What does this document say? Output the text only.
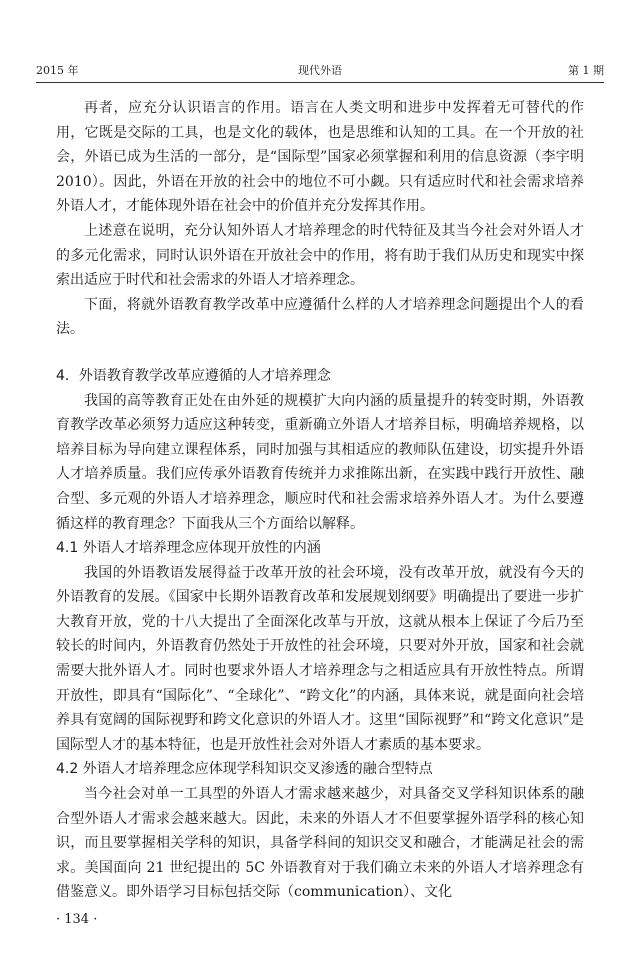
2015 年	现代外语	第 1 期

再者，应充分认识语言的作用。语言在人类文明和进步中发挥着无可替代的作用，它既是交际的工具，也是文化的载体，也是思维和认知的工具。在一个开放的社会，外语已成为生活的一部分，是“国际型”国家必须掌握和利用的信息资源（李宇明 2010）。因此，外语在开放的社会中的地位不可小觑。只有适应时代和社会需求培养外语人才，才能体现外语在社会中的价值并充分发挥其作用。

上述意在说明，充分认知外语人才培养理念的时代特征及其当今社会对外语人才的多元化需求，同时认识外语在开放社会中的作用，将有助于我们从历史和现实中探索出适应于时代和社会需求的外语人才培养理念。

下面，将就外语教育教学改革中应遵循什么样的人才培养理念问题提出个人的看法。

4．外语教育教学改革应遵循的人才培养理念

我国的高等教育正处在由外延的规模扩大向内涵的质量提升的转变时期，外语教育教学改革必须努力适应这种转变，重新确立外语人才培养目标，明确培养规格，以培养目标为导向建立课程体系，同时加强与其相适应的教师队伍建设，切实提升外语人才培养质量。我们应传承外语教育传统并力求推陈出新，在实践中践行开放性、融合型、多元观的外语人才培养理念，顺应时代和社会需求培养外语人才。为什么要遵循这样的教育理念？下面我从三个方面给以解释。

4.1 外语人才培养理念应体现开放性的内涵

我国的外语教语发展得益于改革开放的社会环境，没有改革开放，就没有今天的外语教育的发展。《国家中长期外语教育改革和发展规划纲要》明确提出了要进一步扩大教育开放，党的十八大提出了全面深化改革与开放，这就从根本上保证了今后乃至较长的时间内，外语教育仍然处于开放性的社会环境，只要对外开放，国家和社会就需要大批外语人才。同时也要求外语人才培养理念与之相适应具有开放性特点。所谓开放性，即具有“国际化”、“全球化”、“跨文化”的内涵，具体来说，就是面向社会培养具有宽阔的国际视野和跨文化意识的外语人才。这里“国际视野”和“跨文化意识”是国际型人才的基本特征，也是开放性社会对外语人才素质的基本要求。

4.2 外语人才培养理念应体现学科知识交叉渗透的融合型特点

当今社会对单一工具型的外语人才需求越来越少，对具备交叉学科知识体系的融合型外语人才需求会越来越大。因此，未来的外语人才不但要掌握外语学科的核心知识，而且要掌握相关学科的知识，具备学科间的知识交叉和融合，才能满足社会的需求。美国面向 21 世纪提出的 5C 外语教育对于我们确立未来的外语人才培养理念有借鉴意义。即外语学习目标包括交际（communication）、文化

· 134 ·
